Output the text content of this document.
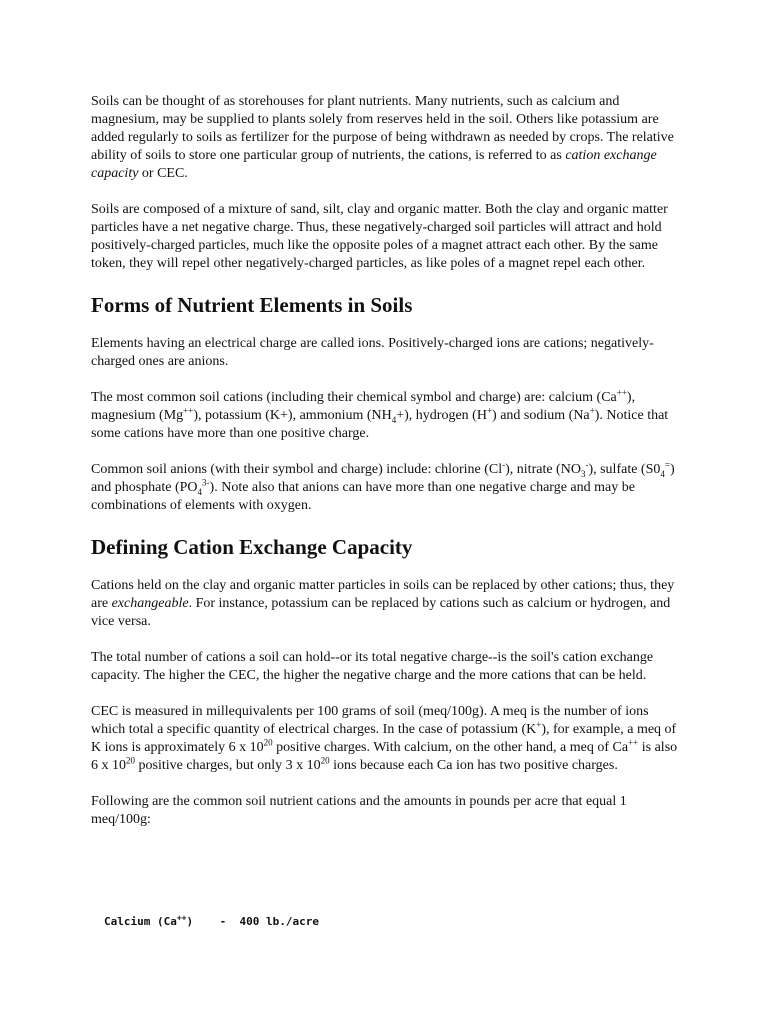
Soils can be thought of as storehouses for plant nutrients. Many nutrients, such as calcium and magnesium, may be supplied to plants solely from reserves held in the soil. Others like potassium are added regularly to soils as fertilizer for the purpose of being withdrawn as needed by crops. The relative ability of soils to store one particular group of nutrients, the cations, is referred to as cation exchange capacity or CEC.

Soils are composed of a mixture of sand, silt, clay and organic matter. Both the clay and organic matter particles have a net negative charge. Thus, these negatively-charged soil particles will attract and hold positively-charged particles, much like the opposite poles of a magnet attract each other. By the same token, they will repel other negatively-charged particles, as like poles of a magnet repel each other.

Forms of Nutrient Elements in Soils

Elements having an electrical charge are called ions. Positively-charged ions are cations; negatively-charged ones are anions.

The most common soil cations (including their chemical symbol and charge) are: calcium (Ca++), magnesium (Mg++), potassium (K+), ammonium $(NH_4+)$, hydrogen (H+) and sodium (Na+). Notice that some cations have more than one positive charge.

Common soil anions (with their symbol and charge) include: chlorine (Cl-), nitrate $(NO_3^-)$, sulfate $(S0_4^=)$ and phosphate $(PO_4^{3-})$. Note also that anions can have more than one negative charge and may be combinations of elements with oxygen.

Defining Cation Exchange Capacity

Cations held on the clay and organic matter particles in soils can be replaced by other cations; thus, they are exchangeable. For instance, potassium can be replaced by cations such as calcium or hydrogen, and vice versa.

The total number of cations a soil can hold--or its total negative charge--is the soil's cation exchange capacity. The higher the CEC, the higher the negative charge and the more cations that can be held.

CEC is measured in millequivalents per 100 grams of soil (meq/100g). A meq is the number of ions which total a specific quantity of electrical charges. In the case of potassium (K+), for example, a meq of K ions is approximately 6 x $10^{20}$ positive charges. With calcium, on the other hand, a meq of Ca++ is also 6 x $10^{20}$ positive charges, but only 3 x $10^{20}$ ions because each Ca ion has two positive charges.

Following are the common soil nutrient cations and the amounts in pounds per acre that equal 1 meq/100g:

Calcium (Ca++)    -  400 lb./acre
